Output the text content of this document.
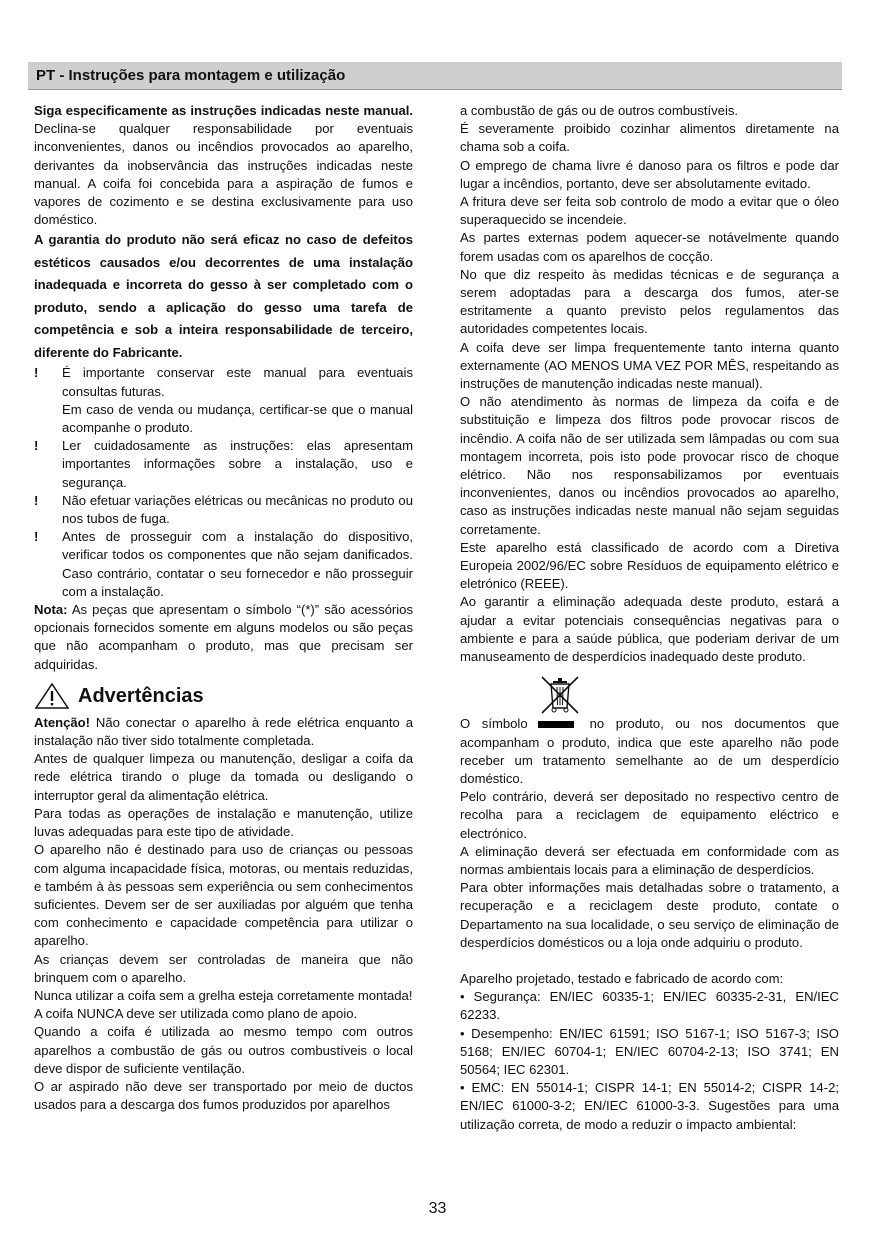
PT - Instruções para montagem e utilização

Siga especificamente as instruções indicadas neste manual. Declina-se qualquer responsabilidade por eventuais inconvenientes, danos ou incêndios provocados ao aparelho, derivantes da inobservância das instruções indicadas neste manual. A coifa foi concebida para a aspiração de fumos e vapores de cozimento e se destina exclusivamente para uso doméstico.

A garantia do produto não será eficaz no caso de defeitos estéticos causados e/ou decorrentes de uma instalação inadequada e incorreta do gesso à ser completado com o produto, sendo a aplicação do gesso uma tarefa de competência e sob a inteira responsabilidade de terceiro, diferente do Fabricante.

!	É importante conservar este manual para eventuais consultas futuras.

Em caso de venda ou mudança, certificar-se que o manual acompanhe o produto.

!	Ler cuidadosamente as instruções: elas apresentam importantes informações sobre a instalação, uso e segurança.
!	Não efetuar variações elétricas ou mecânicas no produto ou nos tubos de fuga.
!	Antes de prosseguir com a instalação do dispositivo, verificar todos os componentes que não sejam danificados. Caso contrário, contatar o seu fornecedor e não prosseguir com a instalação.

Nota: As peças que apresentam o símbolo “(*)” são acessórios opcionais fornecidos somente em alguns modelos ou são peças que não acompanham o produto, mas que precisam ser adquiridas.

Advertências

Atenção! Não conectar o aparelho à rede elétrica enquanto a instalação não tiver sido totalmente completada.

Antes de qualquer limpeza ou manutenção, desligar a coifa da rede elétrica tirando o pluge da tomada ou desligando o interruptor geral da alimentação elétrica.

Para todas as operações de instalação e manutenção, utilize luvas adequadas para este tipo de atividade.

O aparelho não é destinado para uso de crianças ou pessoas com alguma incapacidade física, motoras, ou mentais reduzidas, e também à às pessoas sem experiência ou sem conhecimentos suficientes. Devem ser de ser auxiliadas por alguém que tenha com conhecimento e capacidade competência para utilizar o aparelho.

As crianças devem ser controladas de maneira que não brinquem com o aparelho.

Nunca utilizar a coifa sem a grelha esteja corretamente montada!

A coifa NUNCA deve ser utilizada como plano de apoio.

Quando a coifa é utilizada ao mesmo tempo com outros aparelhos a combustão de gás ou outros combustíveis o local deve dispor de suficiente ventilação.

O ar aspirado não deve ser transportado por meio de ductos usados para a descarga dos fumos produzidos por aparelhos

a combustão de gás ou de outros combustíveis.

É severamente proibido cozinhar alimentos diretamente na chama sob a coifa.

O emprego de chama livre é danoso para os filtros e pode dar lugar a incêndios, portanto, deve ser absolutamente evitado.

A fritura deve ser feita sob controlo de modo a evitar que o óleo superaquecido se incendeie.

As partes externas podem aquecer-se notávelmente quando forem usadas com os aparelhos de cocção.

No que diz respeito às medidas técnicas e de segurança a serem adoptadas para a descarga dos fumos, ater-se estritamente a quanto previsto pelos regulamentos das autoridades competentes locais.

A coifa deve ser limpa frequentemente tanto interna quanto externamente (AO MENOS UMA VEZ POR MÊS, respeitando as instruções de manutenção indicadas neste manual).

O não atendimento às normas de limpeza da coifa e de substituição e limpeza dos filtros pode provocar riscos de incêndio. A coifa não de ser utilizada sem lâmpadas ou com sua montagem incorreta, pois isto pode provocar risco de choque elétrico. Não nos responsabilizamos por eventuais inconvenientes, danos ou incêndios provocados ao aparelho, caso as instruções indicadas neste manual não sejam seguidas corretamente.

Este aparelho está classificado de acordo com a Diretiva Europeia 2002/96/EC sobre Resíduos de equipamento elétrico e eletrónico (REEE).

Ao garantir a eliminação adequada deste produto, estará a ajudar a evitar potenciais consequências negativas para o ambiente e para a saúde pública, que poderiam derivar de um manuseamento de desperdícios inadequado deste produto.

O símbolo	no produto, ou nos documentos que acompanham o produto, indica que este aparelho não pode receber um tratamento semelhante ao de um desperdício doméstico.

Pelo contrário, deverá ser depositado no respectivo centro de recolha para a reciclagem de equipamento eléctrico e electrónico.

A eliminação deverá ser efectuada em conformidade com as normas ambientais locais para a eliminação de desperdícios.

Para obter informações mais detalhadas sobre o tratamento, a recuperação e a reciclagem deste produto, contate o Departamento na sua localidade, o seu serviço de eliminação de desperdícios domésticos ou a loja onde adquiriu o produto.

Aparelho projetado, testado e fabricado de acordo com:

• Segurança: EN/IEC 60335-1; EN/IEC 60335-2-31, EN/IEC 62233.

• Desempenho: EN/IEC 61591; ISO 5167-1; ISO 5167-3; ISO 5168; EN/IEC 60704-1; EN/IEC 60704-2-13; ISO 3741; EN 50564; IEC 62301.

• EMC: EN 55014-1; CISPR 14-1; EN 55014-2; CISPR 14-2; EN/IEC 61000-3-2; EN/IEC 61000-3-3. Sugestões para uma utilização correta, de modo a reduzir o impacto ambiental:

33
